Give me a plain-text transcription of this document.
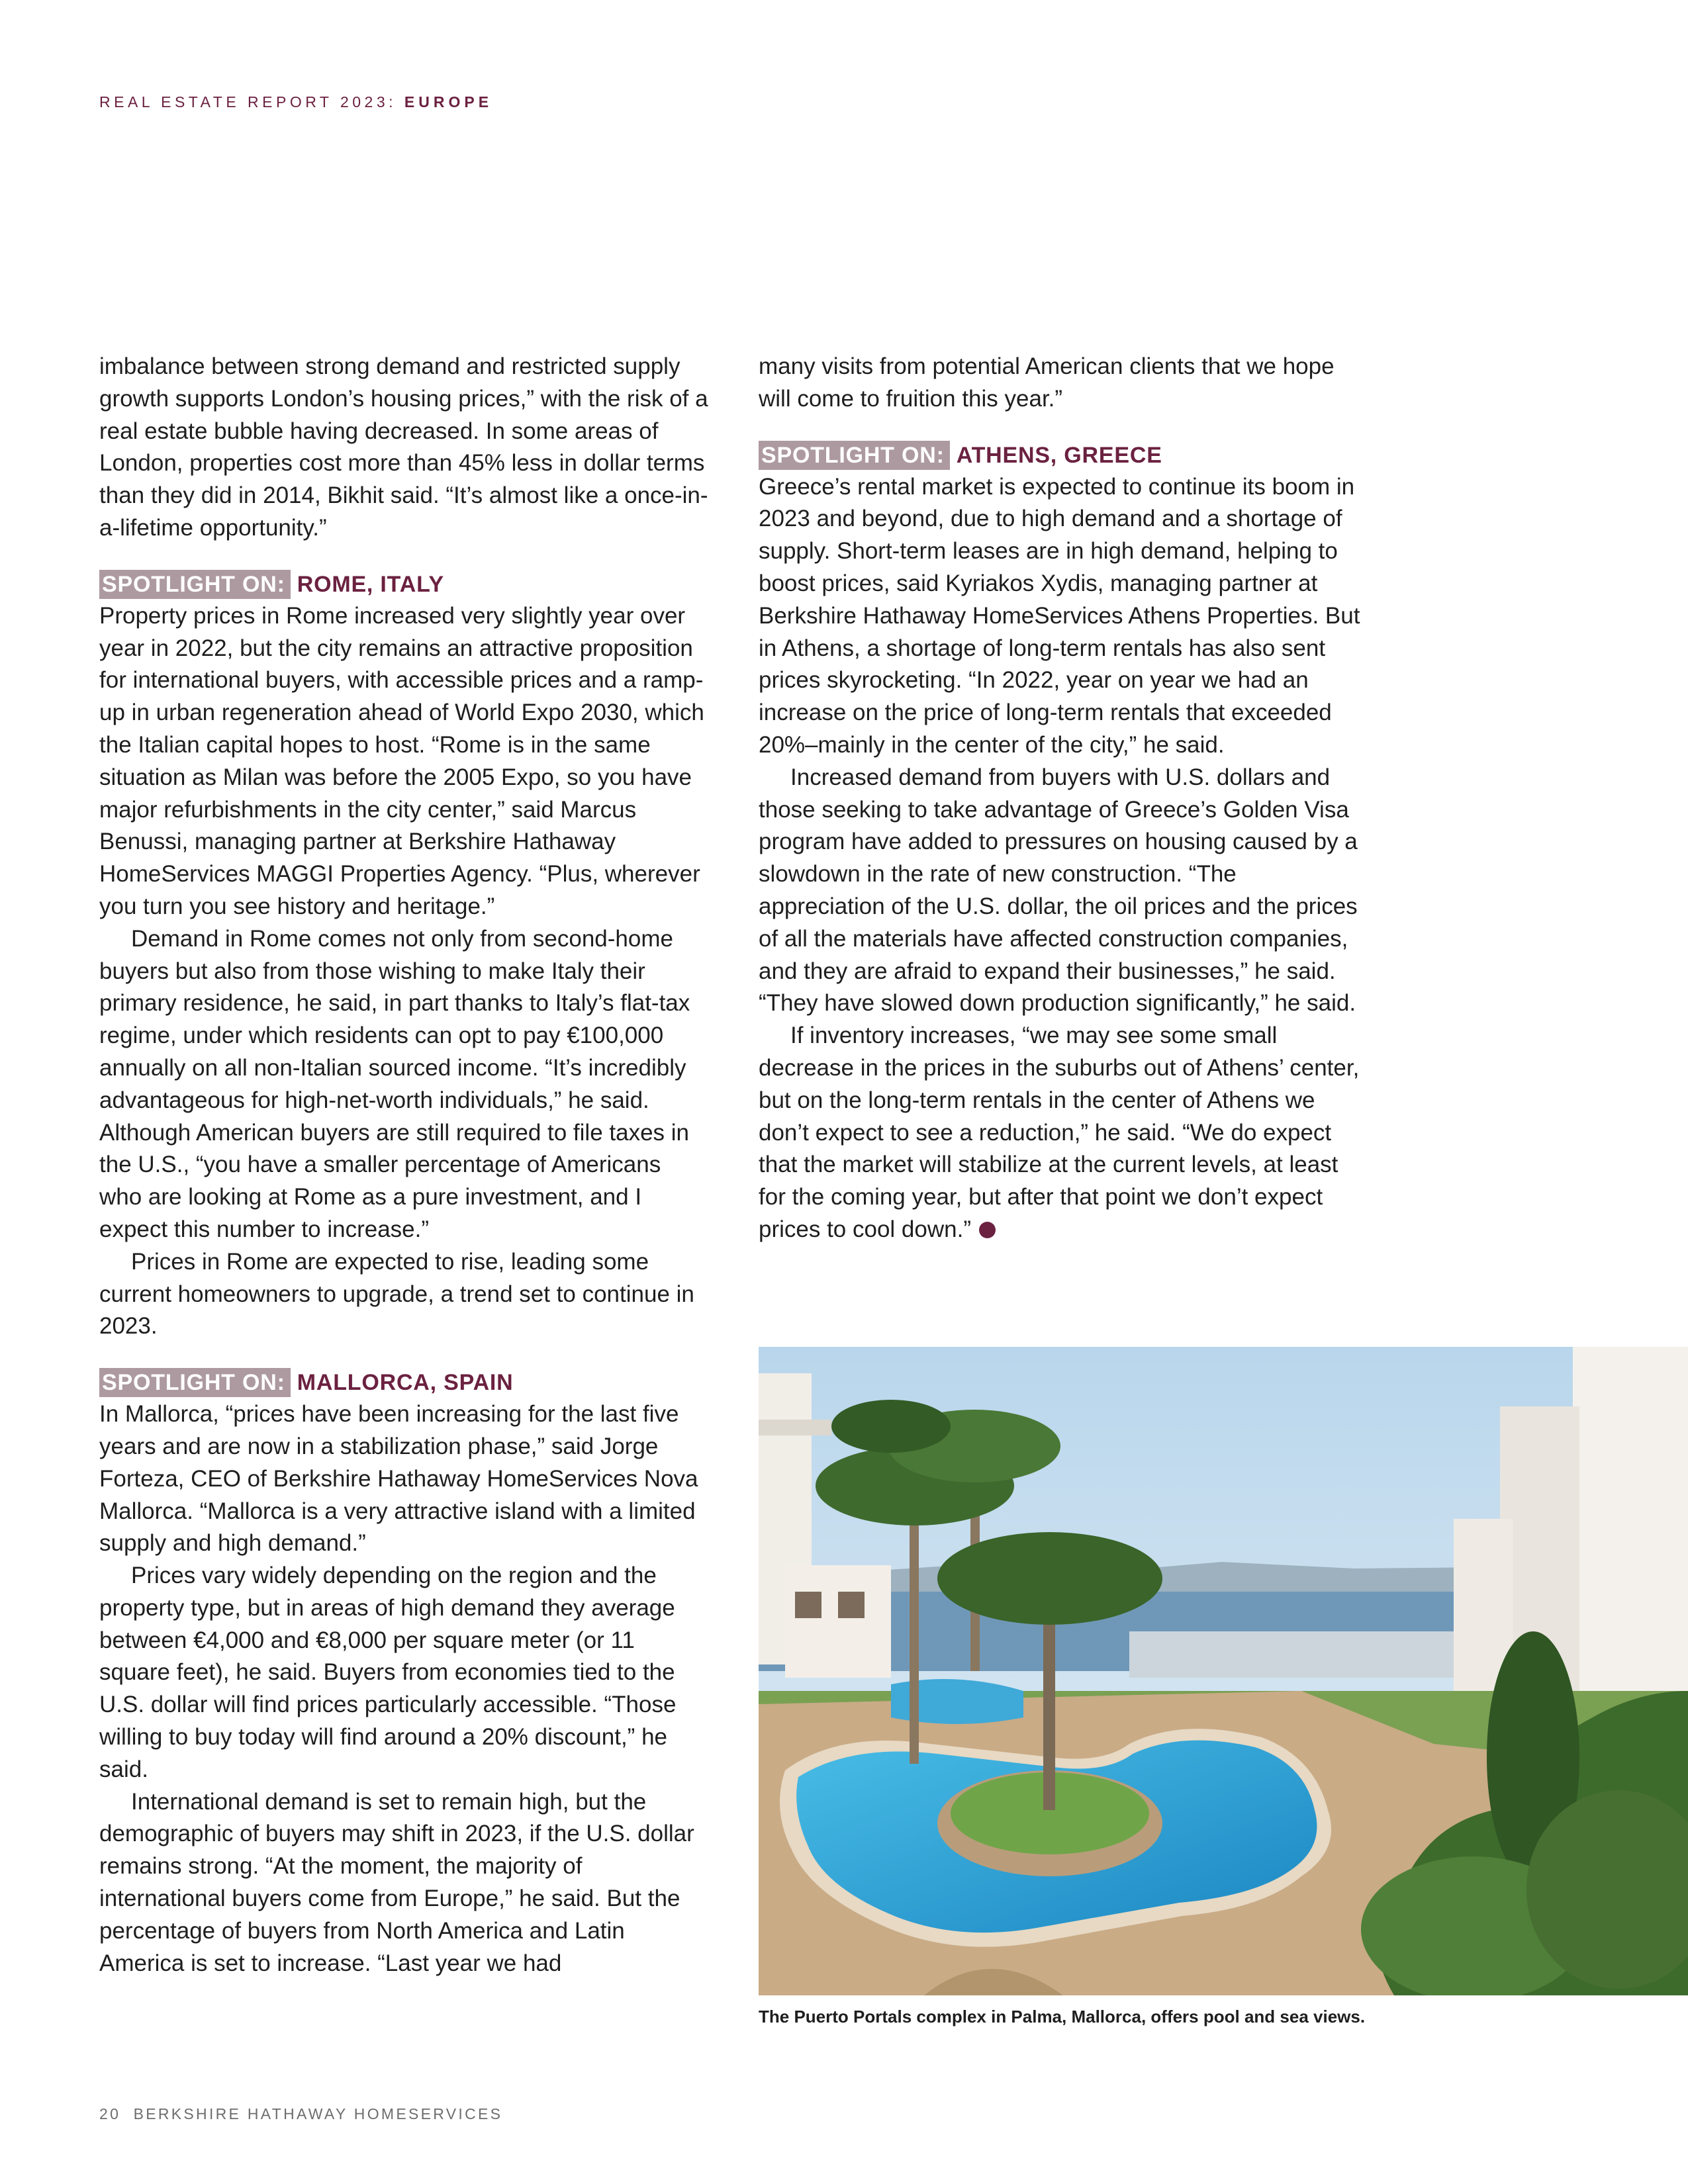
REAL ESTATE REPORT 2023: EUROPE

imbalance between strong demand and restricted supply growth supports London’s housing prices,” with the risk of a real estate bubble having decreased. In some areas of London, properties cost more than 45% less in dollar terms than they did in 2014, Bikhit said. “It’s almost like a once-in-a-lifetime opportunity.”

SPOTLIGHT ON: ROME, ITALY

Property prices in Rome increased very slightly year over year in 2022, but the city remains an attractive proposition for international buyers, with accessible prices and a ramp-up in urban regeneration ahead of World Expo 2030, which the Italian capital hopes to host. “Rome is in the same situation as Milan was before the 2005 Expo, so you have major refurbishments in the city center,” said Marcus Benussi, managing partner at Berkshire Hathaway HomeServices MAGGI Properties Agency. “Plus, wherever you turn you see history and heritage.”

Demand in Rome comes not only from second-home buyers but also from those wishing to make Italy their primary residence, he said, in part thanks to Italy’s flat-tax regime, under which residents can opt to pay €100,000 annually on all non-Italian sourced income. “It’s incredibly advantageous for high-net-worth individuals,” he said. Although American buyers are still required to file taxes in the U.S., “you have a smaller percentage of Americans who are looking at Rome as a pure investment, and I expect this number to increase.”

Prices in Rome are expected to rise, leading some current homeowners to upgrade, a trend set to continue in 2023.

SPOTLIGHT ON: MALLORCA, SPAIN

In Mallorca, “prices have been increasing for the last five years and are now in a stabilization phase,” said Jorge Forteza, CEO of Berkshire Hathaway HomeServices Nova Mallorca. “Mallorca is a very attractive island with a limited supply and high demand.”

Prices vary widely depending on the region and the property type, but in areas of high demand they average between €4,000 and €8,000 per square meter (or 11 square feet), he said. Buyers from economies tied to the U.S. dollar will find prices particularly accessible. “Those willing to buy today will find around a 20% discount,” he said.

International demand is set to remain high, but the demographic of buyers may shift in 2023, if the U.S. dollar remains strong. “At the moment, the majority of international buyers come from Europe,” he said. But the percentage of buyers from North America and Latin America is set to increase. “Last year we had

many visits from potential American clients that we hope will come to fruition this year.”

SPOTLIGHT ON: ATHENS, GREECE

Greece’s rental market is expected to continue its boom in 2023 and beyond, due to high demand and a shortage of supply. Short-term leases are in high demand, helping to boost prices, said Kyriakos Xydis, managing partner at Berkshire Hathaway HomeServices Athens Properties. But in Athens, a shortage of long-term rentals has also sent prices skyrocketing. “In 2022, year on year we had an increase on the price of long-term rentals that exceeded 20%–mainly in the center of the city,” he said.

Increased demand from buyers with U.S. dollars and those seeking to take advantage of Greece’s Golden Visa program have added to pressures on housing caused by a slowdown in the rate of new construction. “The appreciation of the U.S. dollar, the oil prices and the prices of all the materials have affected construction companies, and they are afraid to expand their businesses,” he said. “They have slowed down production significantly,” he said.

If inventory increases, “we may see some small decrease in the prices in the suburbs out of Athens’ center, but on the long-term rentals in the center of Athens we don’t expect to see a reduction,” he said. “We do expect that the market will stabilize at the current levels, at least for the coming year, but after that point we don’t expect prices to cool down.”

The Puerto Portals complex in Palma, Mallorca, offers pool and sea views.
20 BERKSHIRE HATHAWAY HOMESERVICES
